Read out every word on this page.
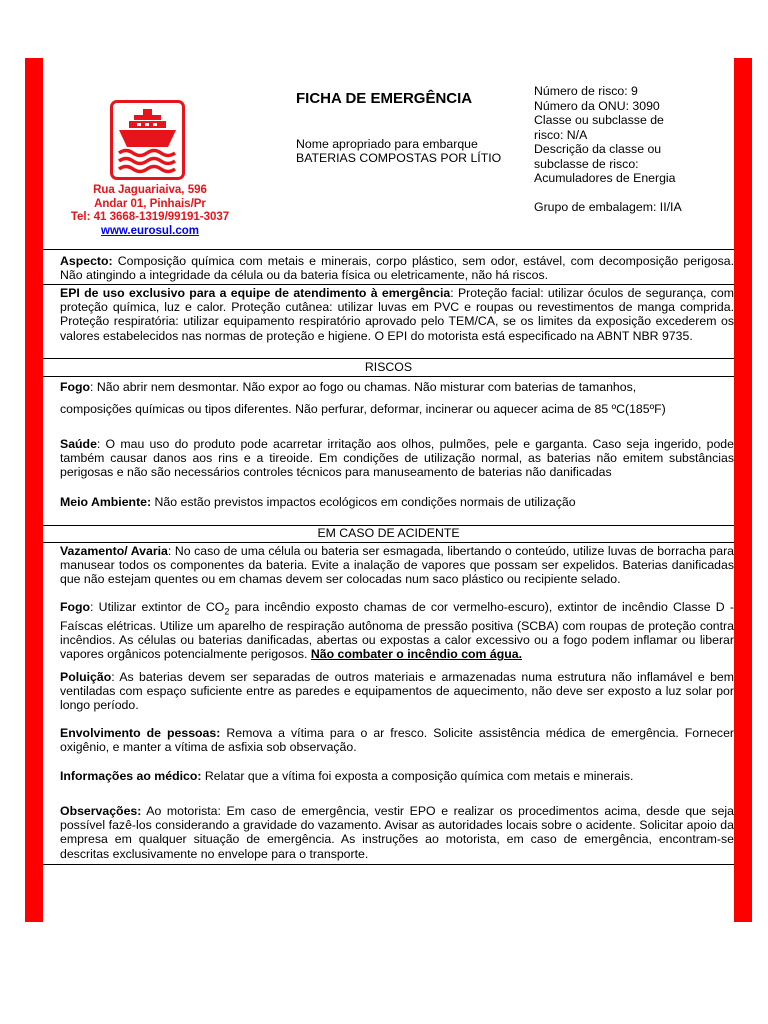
Rua Jaguariaiva, 596
Andar 01, Pinhais/Pr
Tel: 41 3668-1319/99191-3037
www.eurosul.com
FICHA DE EMERGÊNCIA
Nome apropriado para embarque
BATERIAS COMPOSTAS POR LÍTIO
Número de risco: 9
Número da ONU: 3090
Classe ou subclasse de
risco: N/A
Descrição da classe ou
subclasse de risco:
Acumuladores de Energia
Grupo de embalagem: II/IA

Aspecto: Composição química com metais e minerais, corpo plástico, sem odor, estável, com decomposição perigosa. Não atingindo a integridade da célula ou da bateria física ou eletricamente, não há riscos.

EPI de uso exclusivo para a equipe de atendimento à emergência: Proteção facial: utilizar óculos de segurança, com proteção química, luz e calor. Proteção cutânea: utilizar luvas em PVC e roupas ou revestimentos de manga comprida. Proteção respiratória: utilizar equipamento respiratório aprovado pelo TEM/CA, se os limites da exposição excederem os valores estabelecidos nas normas de proteção e higiene. O EPI do motorista está especificado na ABNT NBR 9735.

RISCOS

Fogo: Não abrir nem desmontar. Não expor ao fogo ou chamas. Não misturar com baterias de tamanhos,

composições químicas ou tipos diferentes. Não perfurar, deformar, incinerar ou aquecer acima de 85 ºC(185ºF)

Saúde: O mau uso do produto pode acarretar irritação aos olhos, pulmões, pele e garganta. Caso seja ingerido, pode também causar danos aos rins e a tireoide. Em condições de utilização normal, as baterias não emitem substâncias perigosas e não são necessários controles técnicos para manuseamento de baterias não danificadas

Meio Ambiente: Não estão previstos impactos ecológicos em condições normais de utilização

EM CASO DE ACIDENTE

Vazamento/ Avaria: No caso de uma célula ou bateria ser esmagada, libertando o conteúdo, utilize luvas de borracha para manusear todos os componentes da bateria. Evite a inalação de vapores que possam ser expelidos. Baterias danificadas que não estejam quentes ou em chamas devem ser colocadas num saco plástico ou recipiente selado.

Fogo: Utilizar extintor de $CO_2$ para incêndio exposto chamas de cor vermelho-escuro), extintor de incêndio Classe D - Faíscas elétricas. Utilize um aparelho de respiração autônoma de pressão positiva (SCBA) com roupas de proteção contra incêndios. As células ou baterias danificadas, abertas ou expostas a calor excessivo ou a fogo podem inflamar ou liberar vapores orgânicos potencialmente perigosos. Não combater o incêndio com água.

Poluição: As baterias devem ser separadas de outros materiais e armazenadas numa estrutura não inflamável e bem ventiladas com espaço suficiente entre as paredes e equipamentos de aquecimento, não deve ser exposto a luz solar por longo período.

Envolvimento de pessoas: Remova a vítima para o ar fresco. Solicite assistência médica de emergência. Fornecer oxigênio, e manter a vítima de asfixia sob observação.

Informações ao médico: Relatar que a vítima foi exposta a composição química com metais e minerais.

Observações: Ao motorista: Em caso de emergência, vestir EPO e realizar os procedimentos acima, desde que seja possível fazê-los considerando a gravidade do vazamento. Avisar as autoridades locais sobre o acidente. Solicitar apoio da empresa em qualquer situação de emergência. As instruções ao motorista, em caso de emergência, encontram-se descritas exclusivamente no envelope para o transporte.
